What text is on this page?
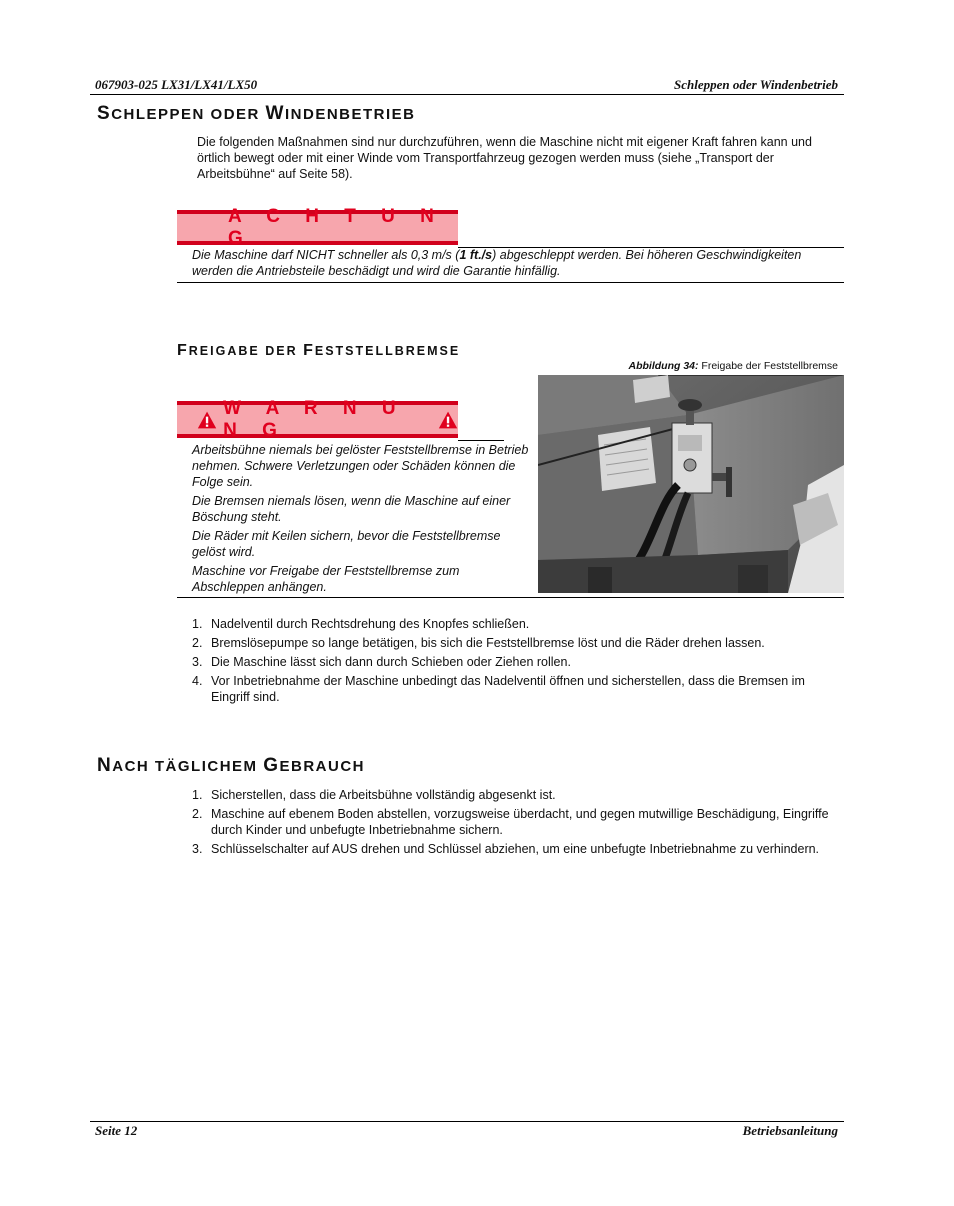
067903-025 LX31/LX41/LX50	Schleppen oder Windenbetrieb
SCHLEPPEN ODER WINDENBETRIEB
Die folgenden Maßnahmen sind nur durchzuführen, wenn die Maschine nicht mit eigener Kraft fahren kann und örtlich bewegt oder mit einer Winde vom Transportfahrzeug gezogen werden muss (siehe „Transport der Arbeitsbühne“ auf Seite 58).
A C H T U N G
Die Maschine darf NICHT schneller als 0,3 m/s (1 ft./s) abgeschleppt werden. Bei höheren Geschwindigkeiten werden die Antriebsteile beschädigt und wird die Garantie hinfällig.
FREIGABE DER FESTSTELLBREMSE
Abbildung 34: Freigabe der Feststellbremse
W A R N U N G

Arbeitsbühne niemals bei gelöster Feststellbremse in Betrieb nehmen. Schwere Verletzungen oder Schäden können die Folge sein.

Die Bremsen niemals lösen, wenn die Maschine auf einer Böschung steht.

Die Räder mit Keilen sichern, bevor die Feststellbremse gelöst wird.

Maschine vor Freigabe der Feststellbremse zum Abschleppen anhängen.

1. Nadelventil durch Rechtsdrehung des Knopfes schließen.
2. Bremslösepumpe so lange betätigen, bis sich die Feststellbremse löst und die Räder drehen lassen.
3. Die Maschine lässt sich dann durch Schieben oder Ziehen rollen.
4. Vor Inbetriebnahme der Maschine unbedingt das Nadelventil öffnen und sicherstellen, dass die Bremsen im Eingriff sind.
NACH TÄGLICHEM GEBRAUCH
1. Sicherstellen, dass die Arbeitsbühne vollständig abgesenkt ist.
2. Maschine auf ebenem Boden abstellen, vorzugsweise überdacht, und gegen mutwillige Beschädigung, Eingriffe durch Kinder und unbefugte Inbetriebnahme sichern.
3. Schlüsselschalter auf AUS drehen und Schlüssel abziehen, um eine unbefugte Inbetriebnahme zu verhindern.
Seite 12	Betriebsanleitung
